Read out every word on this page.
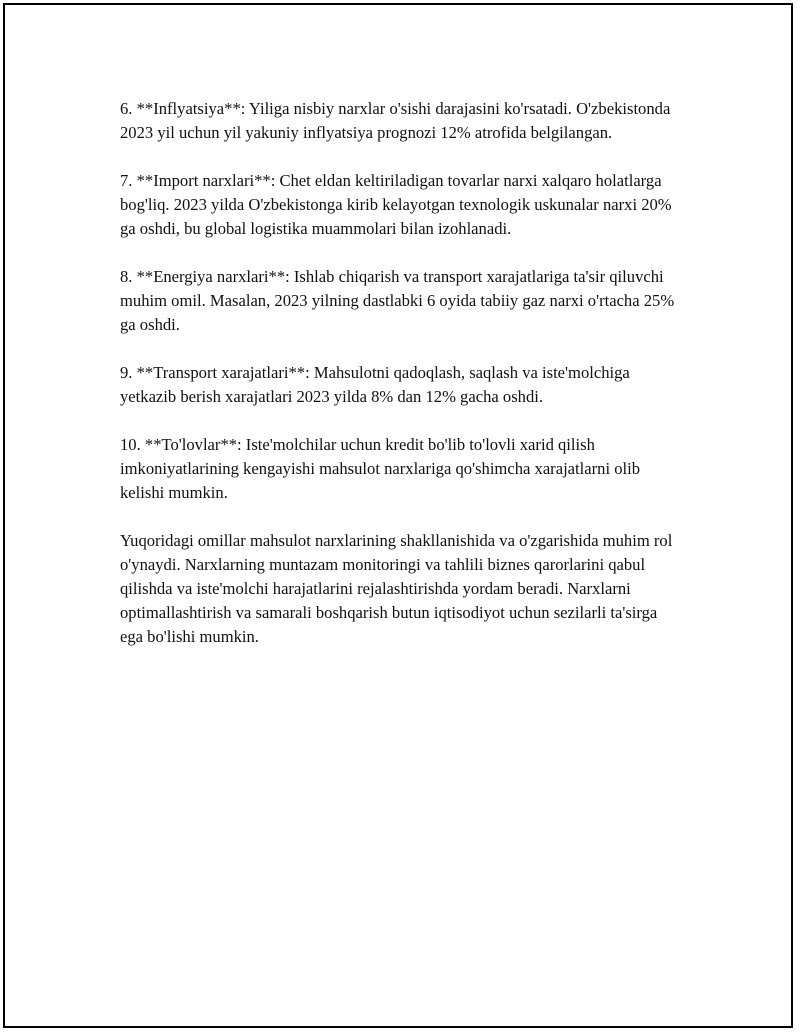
6. **Inflyatsiya**: Yiliga nisbiy narxlar o'sishi darajasini ko'rsatadi. O'zbekistonda 2023 yil uchun yil yakuniy inflyatsiya prognozi 12% atrofida belgilangan.

7. **Import narxlari**: Chet eldan keltiriladigan tovarlar narxi xalqaro holatlarga bog'liq. 2023 yilda O'zbekistonga kirib kelayotgan texnologik uskunalar narxi 20% ga oshdi, bu global logistika muammolari bilan izohlanadi.

8. **Energiya narxlari**: Ishlab chiqarish va transport xarajatlariga ta'sir qiluvchi muhim omil. Masalan, 2023 yilning dastlabki 6 oyida tabiiy gaz narxi o'rtacha 25% ga oshdi.

9. **Transport xarajatlari**: Mahsulotni qadoqlash, saqlash va iste'molchiga yetkazib berish xarajatlari 2023 yilda 8% dan 12% gacha oshdi.

10. **To'lovlar**: Iste'molchilar uchun kredit bo'lib to'lovli xarid qilish imkoniyatlarining kengayishi mahsulot narxlariga qo'shimcha xarajatlarni olib kelishi mumkin.

Yuqoridagi omillar mahsulot narxlarining shakllanishida va o'zgarishida muhim rol o'ynaydi. Narxlarning muntazam monitoringi va tahlili biznes qarorlarini qabul qilishda va iste'molchi harajatlarini rejalashtirishda yordam beradi. Narxlarni optimallashtirish va samarali boshqarish butun iqtisodiyot uchun sezilarli ta'sirga ega bo'lishi mumkin.
